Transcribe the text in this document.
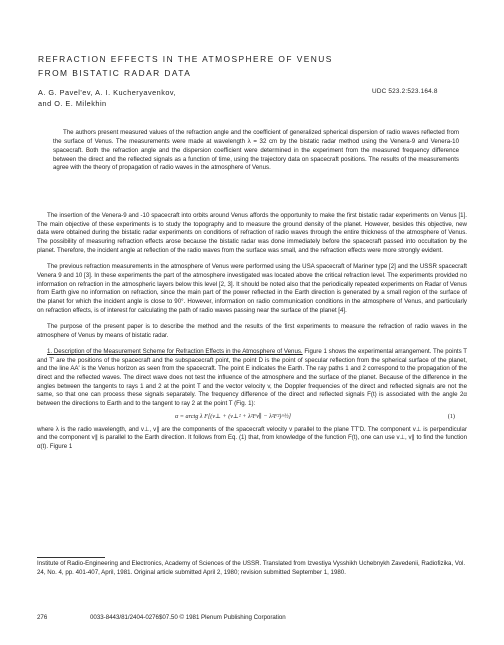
REFRACTION EFFECTS IN THE ATMOSPHERE OF VENUS
FROM BISTATIC RADAR DATA
A. G. Pavel'ev, A. I. Kucheryavenkov,
and O. E. Milekhin
UDC 523.2:523.164.8

The authors present measured values of the refraction angle and the coefficient of generalized spherical dispersion of radio waves reflected from the surface of Venus. The measurements were made at wavelength λ = 32 cm by the bistatic radar method using the Venera-9 and Venera-10 spacecraft. Both the refraction angle and the dispersion coefficient were determined in the experiment from the measured frequency difference between the direct and the reflected signals as a function of time, using the trajectory data on spacecraft positions. The results of the measurements agree with the theory of propagation of radio waves in the atmosphere of Venus.

The insertion of the Venera-9 and -10 spacecraft into orbits around Venus affords the opportunity to make the first bistatic radar experiments on Venus [1]. The main objective of these experiments is to study the topography and to measure the ground density of the planet. However, besides this objective, new data were obtained during the bistatic radar experiments on conditions of refraction of radio waves through the entire thickness of the atmosphere of Venus. The possibility of measuring refraction effects arose because the bistatic radar was done immediately before the spacecraft passed into occultation by the planet. Therefore, the incident angle at reflection of the radio waves from the surface was small, and the refraction effects were more strongly evident.

The previous refraction measurements in the atmosphere of Venus were performed using the USA spacecraft of Mariner type [2] and the USSR spacecraft Venera 9 and 10 [3]. In these experiments the part of the atmosphere investigated was located above the critical refraction level. The experiments provided no information on refraction in the atmospheric layers below this level [2, 3]. It should be noted also that the periodically repeated experiments on Radar of Venus from Earth give no information on refraction, since the main part of the power reflected in the Earth direction is generated by a small region of the surface of the planet for which the incident angle is close to 90°. However, information on radio communication conditions in the atmosphere of Venus, and particularly on refraction effects, is of interest for calculating the path of radio waves passing near the surface of the planet [4].

The purpose of the present paper is to describe the method and the results of the first experiments to measure the refraction of radio waves in the atmosphere of Venus by means of bistatic radar.

1. Description of the Measurement Scheme for Refraction Effects in the Atmosphere of Venus. Figure 1 shows the experimental arrangement. The points T and T' are the positions of the spacecraft and the subspacecraft point, the point D is the point of specular reflection from the spherical surface of the planet, and the line AA' is the Venus horizon as seen from the spacecraft. The point E indicates the Earth. The ray paths 1 and 2 correspond to the propagation of the direct and the reflected waves. The direct wave does not test the influence of the atmosphere and the surface of the planet. Because of the difference in the angles between the tangents to rays 1 and 2 at the point T and the vector velocity v, the Doppler frequencies of the direct and reflected signals are not the same, so that one can process these signals separately. The frequency difference of the direct and reflected signals F(t) is associated with the angle 2α between the directions to Earth and to the tangent to ray 2 at the point T (Fig. 1):

α = arctg λ F[(v⊥ + (v⊥² + λ²Fv∥ − λ²F²)^½]	(1)

where λ is the radio wavelength, and v⊥, v∥ are the components of the spacecraft velocity v parallel to the plane TT'D. The component v⊥ is perpendicular and the component v∥ is parallel to the Earth direction. It follows from Eq. (1) that, from knowledge of the function F(t), one can use v⊥, v∥ to find the function α(t). Figure 1

Institute of Radio-Engineering and Electronics, Academy of Sciences of the USSR. Translated from Izvestiya Vysshikh Uchebnykh Zavedenii, Radiofizika, Vol. 24, No. 4, pp. 401-407, April, 1981. Original article submitted April 2, 1980; revision submitted September 1, 1980.

276	0033-8443/81/2404-0276$07.50 © 1981 Plenum Publishing Corporation
